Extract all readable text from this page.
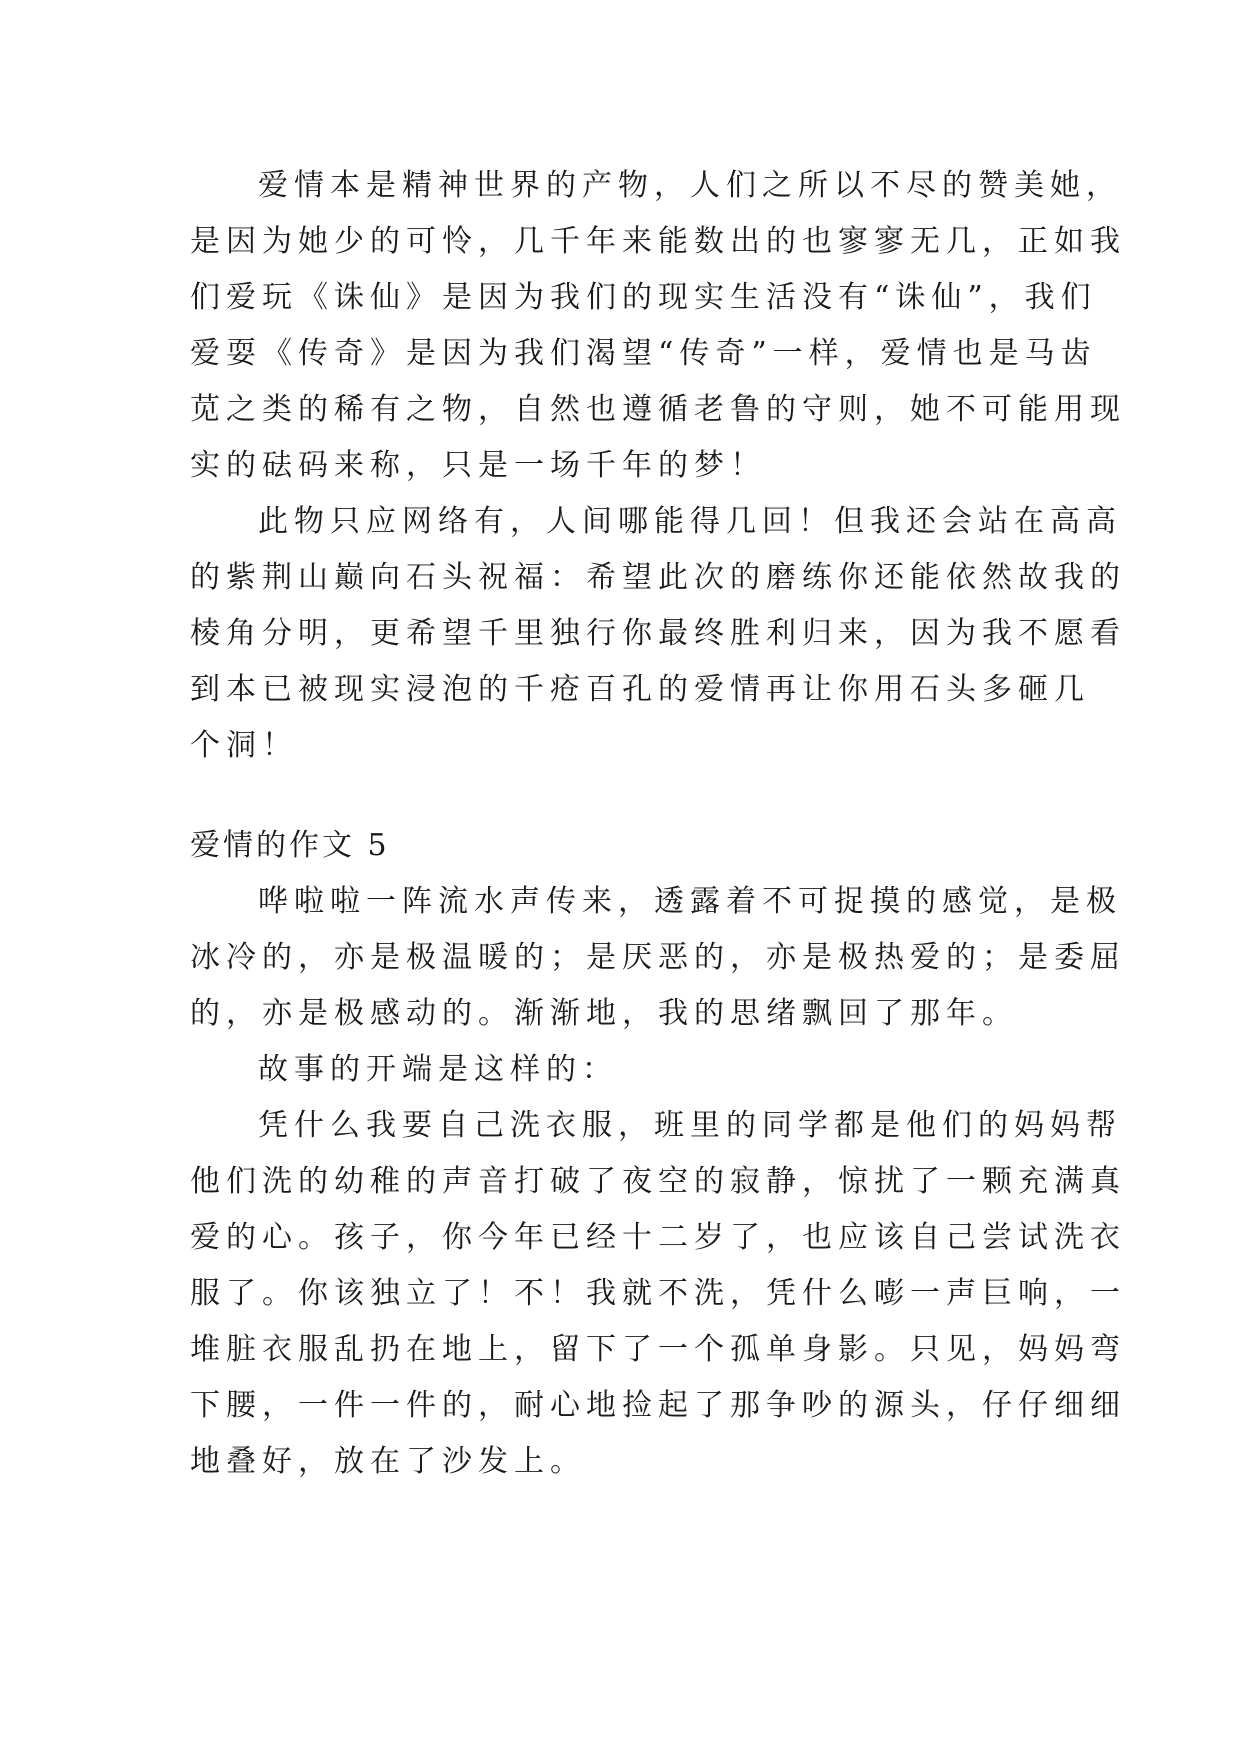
爱情本是精神世界的产物，人们之所以不尽的赞美她，
是因为她少的可怜，几千年来能数出的也寥寥无几，正如我
们爱玩《诛仙》是因为我们的现实生活没有“诛仙”，我们
爱耍《传奇》是因为我们渴望“传奇”一样，爱情也是马齿
苋之类的稀有之物，自然也遵循老鲁的守则，她不可能用现
实的砝码来称，只是一场千年的梦！
此物只应网络有，人间哪能得几回！但我还会站在高高
的紫荆山巅向石头祝福：希望此次的磨练你还能依然故我的
棱角分明，更希望千里独行你最终胜利归来，因为我不愿看
到本已被现实浸泡的千疮百孔的爱情再让你用石头多砸几
个洞！
爱情的作文 5
哗啦啦一阵流水声传来，透露着不可捉摸的感觉，是极
冰冷的，亦是极温暖的；是厌恶的，亦是极热爱的；是委屈
的，亦是极感动的。渐渐地，我的思绪飘回了那年。
故事的开端是这样的：
凭什么我要自己洗衣服，班里的同学都是他们的妈妈帮
他们洗的幼稚的声音打破了夜空的寂静，惊扰了一颗充满真
爱的心。孩子，你今年已经十二岁了，也应该自己尝试洗衣
服了。你该独立了！不！我就不洗，凭什么嘭一声巨响，一
堆脏衣服乱扔在地上，留下了一个孤单身影。只见，妈妈弯
下腰，一件一件的，耐心地捡起了那争吵的源头，仔仔细细
地叠好，放在了沙发上。
